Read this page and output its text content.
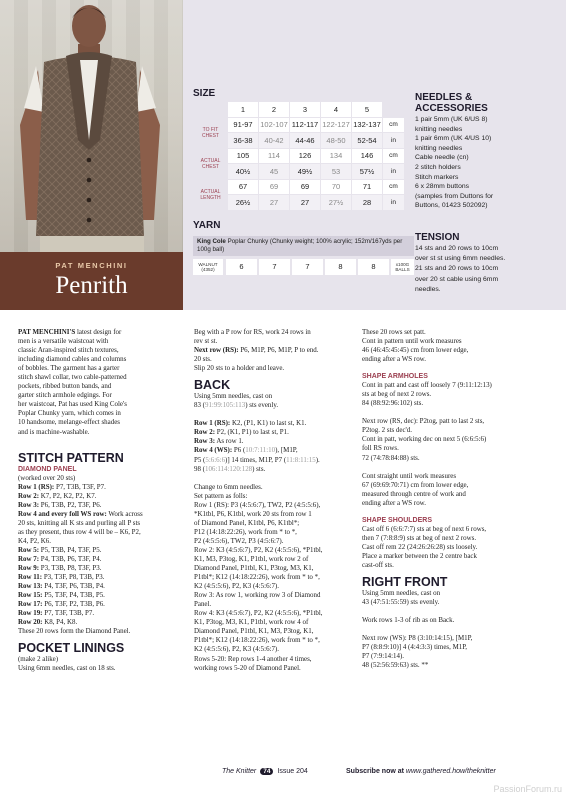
PAT MENCHINI
Penrith
SIZE
	1	2	3	4	5	
TO FIT CHEST	91-97	102-107	112-117	122-127	132-137	cm
	36-38	40-42	44-46	48-50	52-54	in
ACTUAL CHEST	105	114	126	134	146	cm
	40½	45	49½	53	57½	in
ACTUAL LENGTH	67	69	69	70	71	cm
	26½	27	27	27½	28	in
YARN
King Cole Poplar Chunky (Chunky weight; 100% acrylic; 152m/167yds per 100g ball)
WALNUT (4352)	6	7	7	8	8	x100G BALLS
NEEDLES &
ACCESSORIES
1 pair 5mm (UK 6/US 8)
knitting needles
1 pair 6mm (UK 4/US 10)
knitting needles
Cable needle (cn)
2 stitch holders
Stitch markers
6 x 28mm buttons
(samples from Duttons for
Buttons, 01423 502092)
TENSION
14 sts and 20 rows to 10cm
over st st using 6mm needles.
21 sts and 20 rows to 10cm
over 20 st cable using 6mm
needles.

PAT MENCHINI'S latest design for

men is a versatile waistcoat with

classic Aran-inspired stitch textures,

including diamond cables and columns

of bobbles. The garment has a garter

stitch shawl collar, two cable-patterned

pockets, ribbed button bands, and

garter stitch armhole edgings. For

her waistcoat, Pat has used King Cole's

Poplar Chunky yarn, which comes in

10 handsome, melange-effect shades

and is machine-washable.

STITCH PATTERN
DIAMOND PANEL

(worked over 20 sts)

Row 1 (RS): P7, T3B, T3F, P7.

Row 2: K7, P2, K2, P2, K7.

Row 3: P6, T3B, P2, T3F, P6.

Row 4 and every foll WS row: Work across

20 sts, knitting all K sts and purling all P sts

as they present, thus row 4 will be – K6, P2,

K4, P2, K6.

Row 5: P5, T3B, P4, T3F, P5.

Row 7: P4, T3B, P6, T3F, P4.

Row 9: P3, T3B, P8, T3F, P3.

Row 11: P3, T3F, P8, T3B, P3.

Row 13: P4, T3F, P6, T3B, P4.

Row 15: P5, T3F, P4, T3B, P5.

Row 17: P6, T3F, P2, T3B, P6.

Row 19: P7, T3F, T3B, P7.

Row 20: K8, P4, K8.

These 20 rows form the Diamond Panel.

POCKET LININGS

(make 2 alike)

Using 6mm needles, cast on 18 sts.

Beg with a P row for RS, work 24 rows in

rev st st.

Next row (RS): P6, M1P, P6, M1P, P to end.

20 sts.

Slip 20 sts to a holder and leave.

BACK

Using 5mm needles, cast on

83 (91:99:105:113) sts evenly.

Row 1 (RS): K2, (P1, K1) to last st, K1.

Row 2: P2, (K1, P1) to last st, P1.

Row 3: As row 1.

Row 4 (WS): P6 (10:7:11:10), [M1P,

P5 (5:6:6:6)] 14 times, M1P, P7 (11:8:11:15).

98 (106:114:120:128) sts.

Change to 6mm needles.

Set pattern as folls:

Row 1 (RS): P3 (4:5:6:7), TW2, P2 (4:5:5:6),

*K1tbl, P6, K1tbl, work 20 sts from row 1

of Diamond Panel, K1tbl, P6, K1tbl*;

P12 (14:18:22:26), work from * to *,

P2 (4:5:5:6), TW2, P3 (4:5:6:7).

Row 2: K3 (4:5:6:7), P2, K2 (4:5:5:6), *P1tbl,

K1, M3, P3tog, K1, P1tbl, work row 2 of

Diamond Panel, P1tbl, K1, P3tog, M3, K1,

P1tbl*; K12 (14:18:22:26), work from * to *,

K2 (4:5:5:6), P2, K3 (4:5:6:7).

Row 3: As row 1, working row 3 of Diamond

Panel.

Row 4: K3 (4:5:6:7), P2, K2 (4:5:5:6), *P1tbl,

K1, P3tog, M3, K1, P1tbl, work row 4 of

Diamond Panel, P1tbl, K1, M3, P3tog, K1,

P1tbl*; K12 (14:18:22:26), work from * to *,

K2 (4:5:5:6), P2, K3 (4:5:6:7).

Rows 5-20: Rep rows 1-4 another 4 times,

working rows 5-20 of Diamond Panel.

These 20 rows set patt.

Cont in pattern until work measures

46 (46:45:45:45) cm from lower edge,

ending after a WS row.

SHAPE ARMHOLES

Cont in patt and cast off loosely 7 (9:11:12:13)

sts at beg of next 2 rows.

84 (88:92:96:102) sts.

Next row (RS, dec): P2tog, patt to last 2 sts,

P2tog. 2 sts dec'd.

Cont in patt, working dec on next 5 (6:6:5:6)

foll RS rows.

72 (74:78:84:88) sts.

Cont straight until work measures

67 (69:69:70:71) cm from lower edge,

measured through centre of work and

ending after a WS row.

SHAPE SHOULDERS

Cast off 6 (6:6:7:7) sts at beg of next 6 rows,

then 7 (7:8:8:9) sts at beg of next 2 rows.

Cast off rem 22 (24:26:26:28) sts loosely.

Place a marker between the 2 centre back

cast-off sts.

RIGHT FRONT

Using 5mm needles, cast on

43 (47:51:55:59) sts evenly.

Work rows 1-3 of rib as on Back.

Next row (WS): P8 (3:10:14:15), [M1P,

P7 (8:8:9:10)] 4 (4:4:3:3) times, M1P,

P7 (7:9:14:14).

48 (52:56:59:63) sts. **

The Knitter 74 Issue 204	Subscribe now at www.gathered.how/theknitter
PassionForum.ru
